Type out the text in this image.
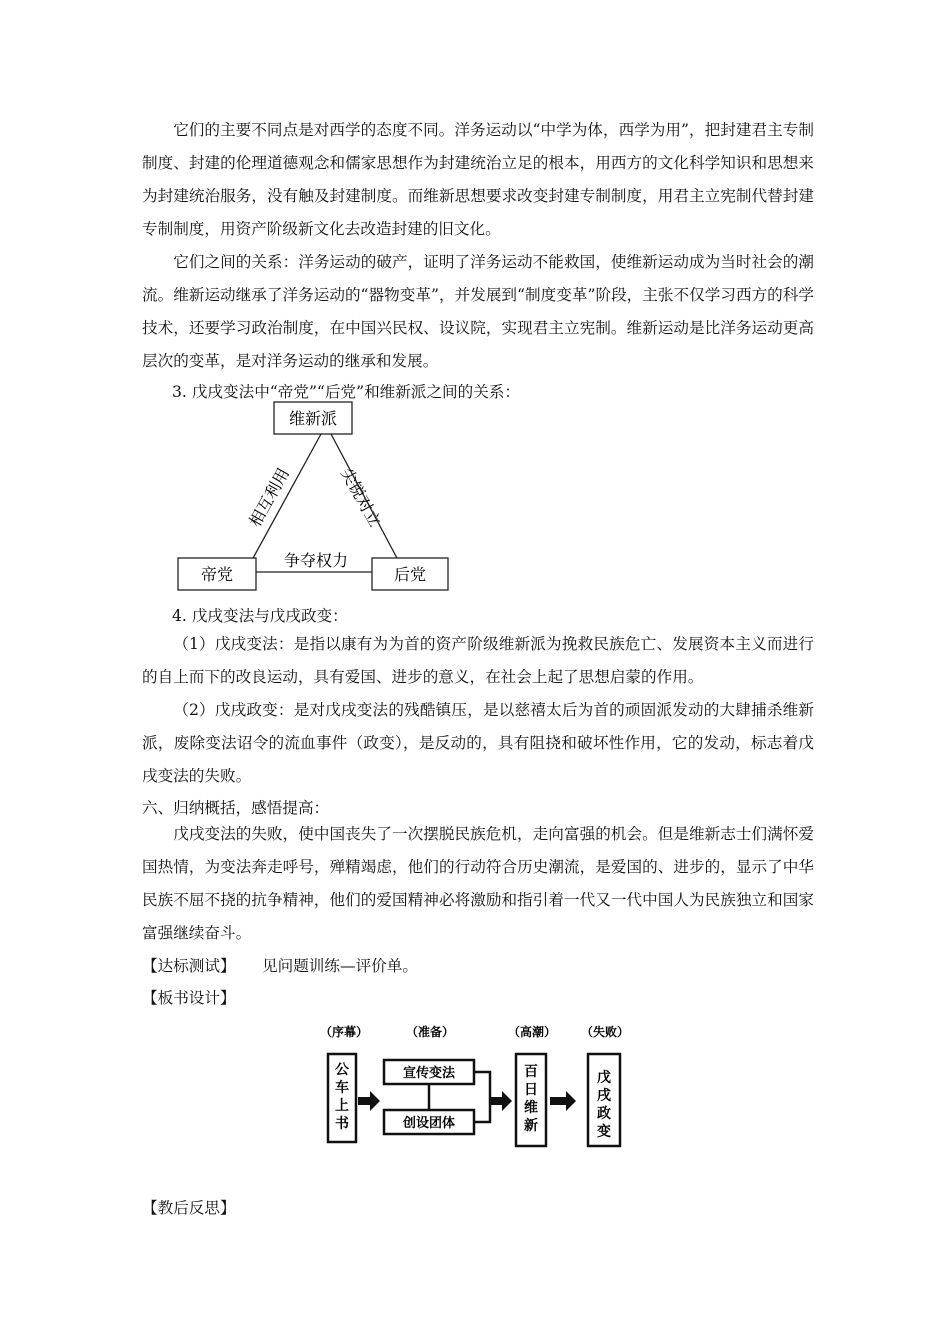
它们的主要不同点是对西学的态度不同。洋务运动以“中学为体，西学为用”，把封建君主专制制度、封建的伦理道德观念和儒家思想作为封建统治立足的根本，用西方的文化科学知识和思想来为封建统治服务，没有触及封建制度。而维新思想要求改变封建专制制度，用君主立宪制代替封建专制制度，用资产阶级新文化去改造封建的旧文化。

它们之间的关系：洋务运动的破产，证明了洋务运动不能救国，使维新运动成为当时社会的潮流。维新运动继承了洋务运动的“器物变革”，并发展到“制度变革”阶段，主张不仅学习西方的科学技术，还要学习政治制度，在中国兴民权、设议院，实现君主立宪制。维新运动是比洋务运动更高层次的变革，是对洋务运动的继承和发展。

3. 戊戌变法中“帝党”“后党”和维新派之间的关系：

维新派
帝党	后党
相互利用	尖锐对立
争夺权力

4. 戊戌变法与戊戌政变：

（1）戊戌变法：是指以康有为为首的资产阶级维新派为挽救民族危亡、发展资本主义而进行的自上而下的改良运动，具有爱国、进步的意义，在社会上起了思想启蒙的作用。

（2）戊戌政变：是对戊戌变法的残酷镇压，是以慈禧太后为首的顽固派发动的大肆捕杀维新派，废除变法诏令的流血事件（政变），是反动的，具有阻挠和破坏性作用，它的发动，标志着戊戌变法的失败。

六、归纳概括，感悟提高：

戊戌变法的失败，使中国丧失了一次摆脱民族危机，走向富强的机会。但是维新志士们满怀爱国热情，为变法奔走呼号，殚精竭虑，他们的行动符合历史潮流，是爱国的、进步的，显示了中华民族不屈不挠的抗争精神，他们的爱国精神必将激励和指引着一代又一代中国人为民族独立和国家富强继续奋斗。

【达标测试】 见问题训练—评价单。

【板书设计】

（序幕）	（准备）	（高潮） （失败）
公
车
上
书
宣传变法
创设团体
百
日
维
新
戊
戌
政
变

【教后反思】
